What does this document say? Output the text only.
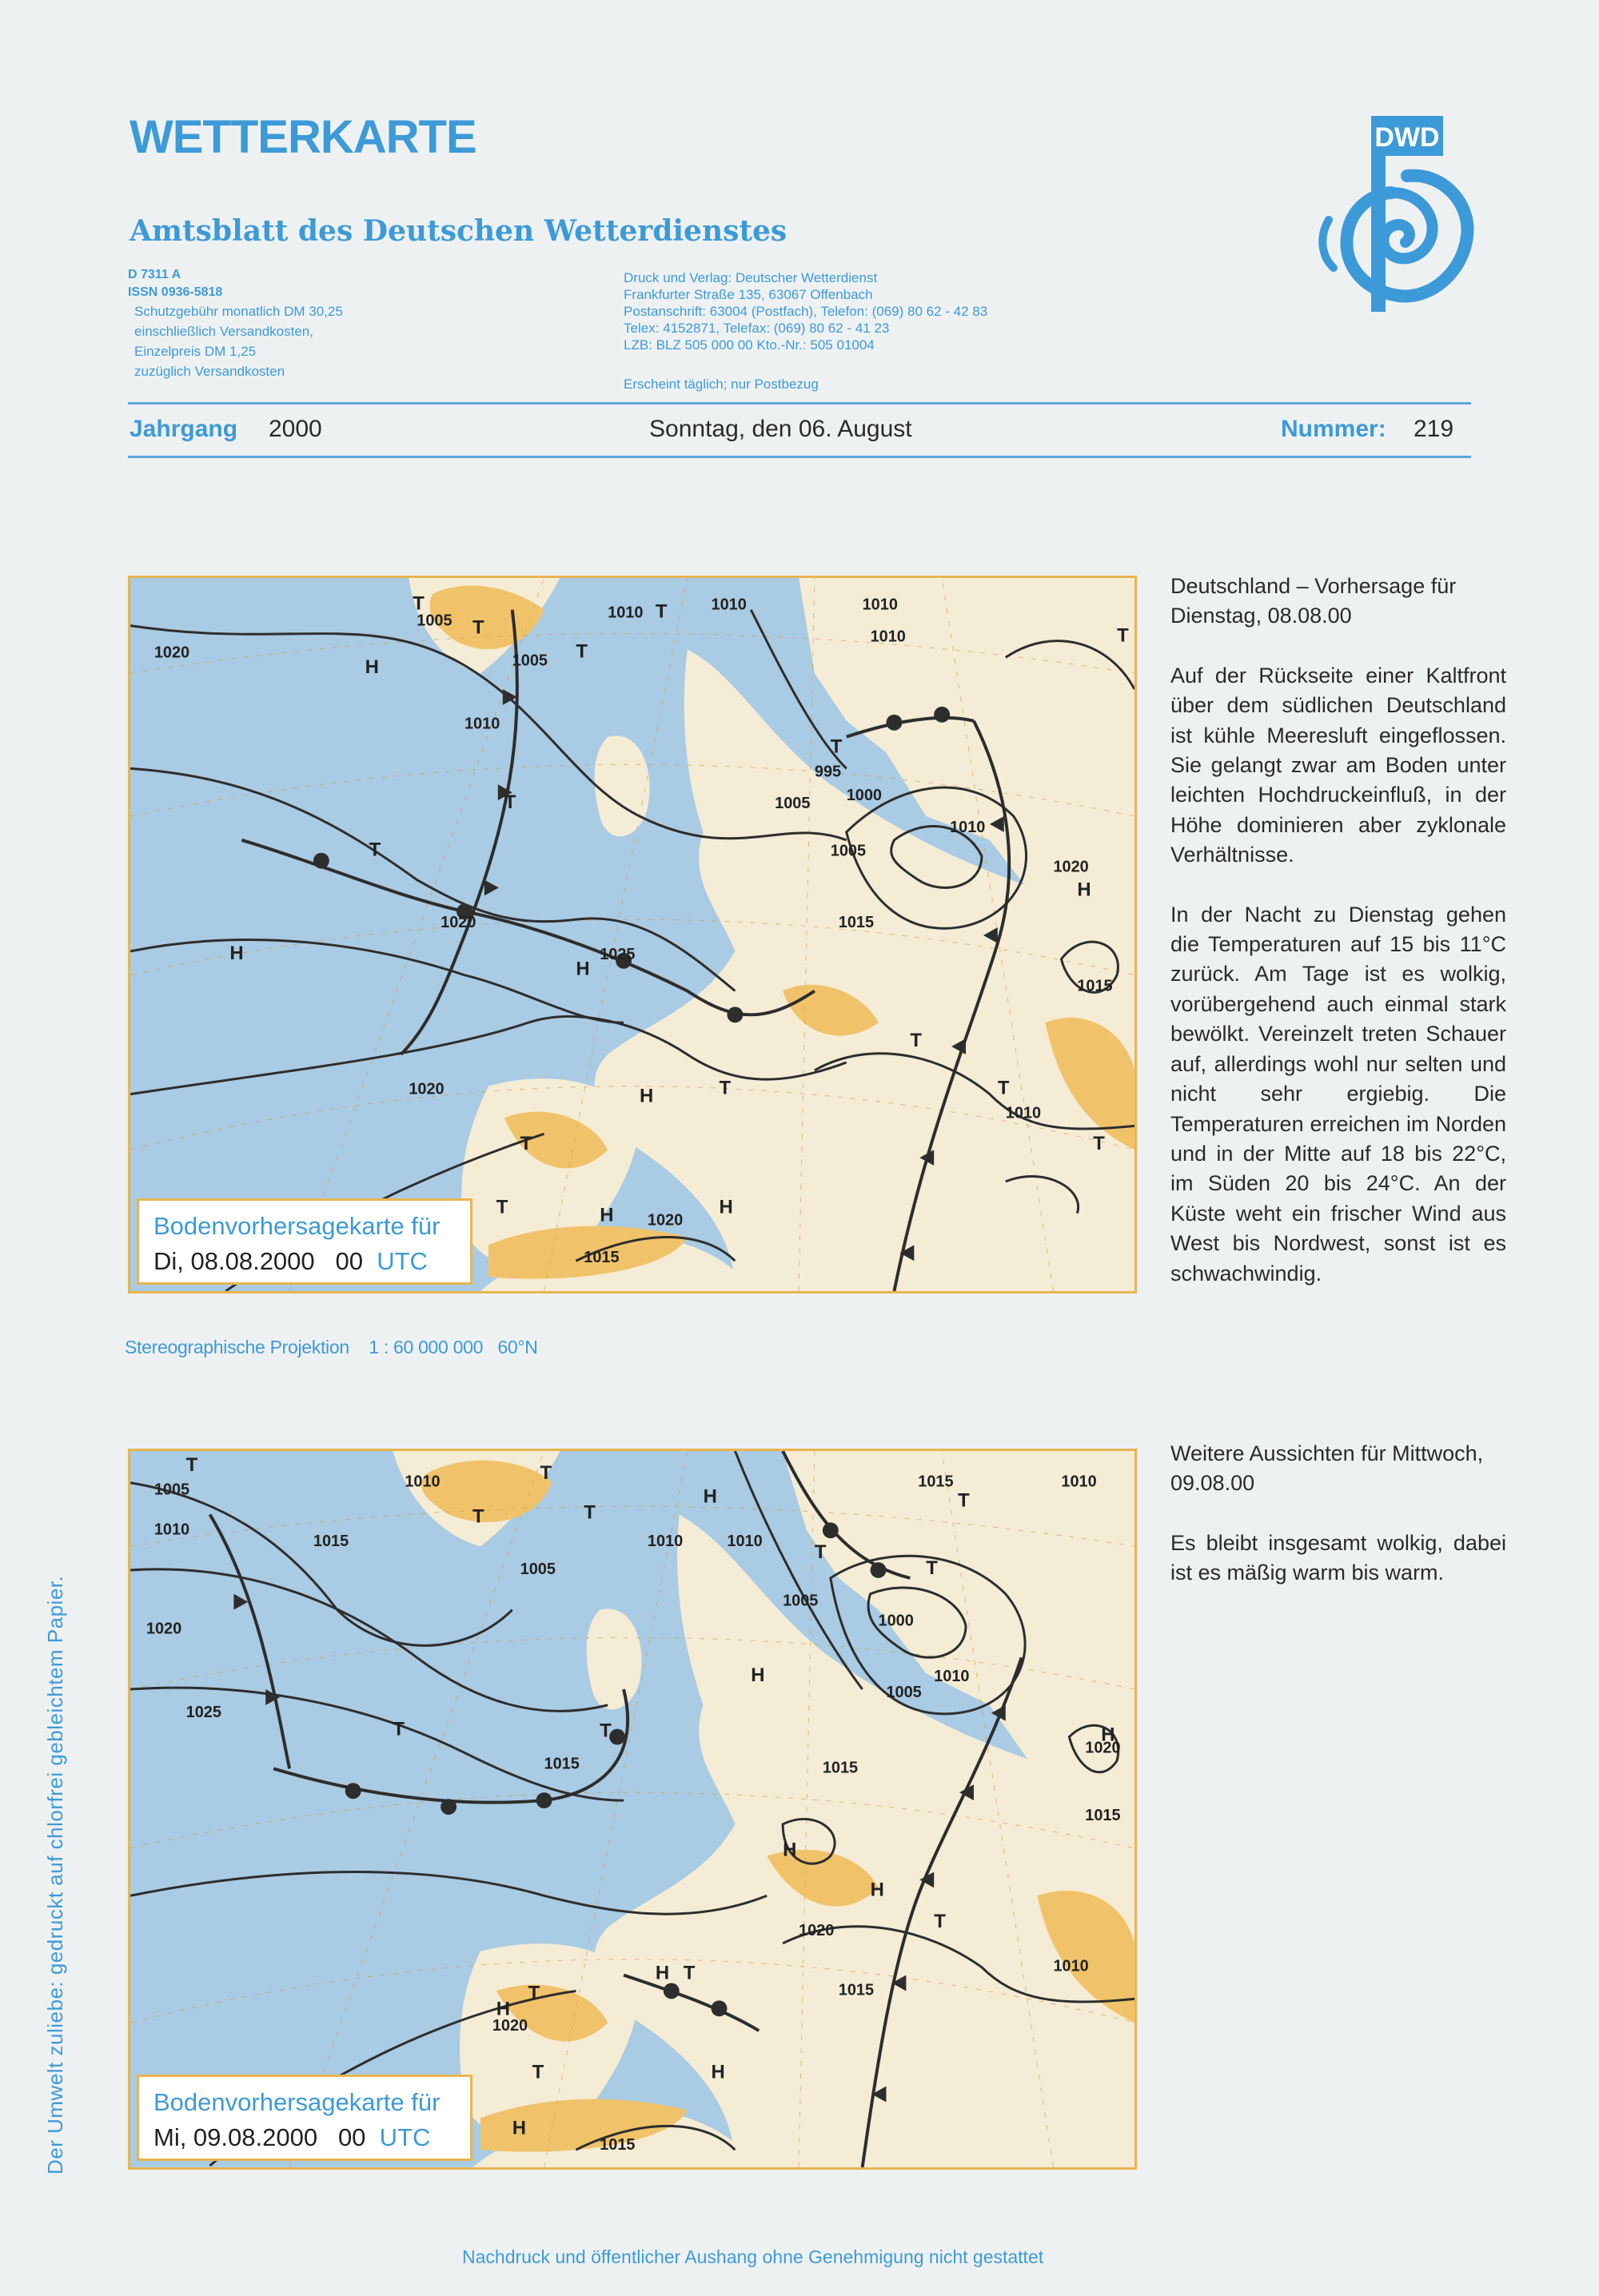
WETTERKARTE
Amtsblatt des Deutschen Wetterdienstes
DWD
D 7311 A
ISSN 0936-5818
Schutzgebühr monatlich DM 30,25
einschließlich Versandkosten,
Einzelpreis DM 1,25
zuzüglich Versandkosten
Druck und Verlag: Deutscher Wetterdienst
Frankfurter Straße 135, 63067 Offenbach
Postanschrift: 63004 (Postfach), Telefon: (069) 80 62 - 42 83
Telex: 4152871, Telefax: (069) 80 62 - 41 23
LZB: BLZ 505 000 00 Kto.-Nr.: 505 01004
Erscheint täglich; nur Postbezug
Jahrgang 2000	Sonntag, den 06. August	Nummer: 219
1005	1010	1010	1010
1010
1020	1005
1010
995
1000
1005
1005
1010
1020
1015
1020
1025
1015
1020
1010
1020
1015
T
T
T
H
T
T
T
T
H
H
H
T
T
H
H
T
T	H
T
T
T
Bodenvorhersagekarte für
Di, 08.08.2000 00 UTC
Stereographische Projektion 1 : 60 000 000 60°N
1005	1010
1010
1015	1010	1010
1005
1015	1010
1020
1025
1005
1000
1010
1005
1015	1015
1020
1015
1020
1015
1010
1020
1015
T	T
T
T
H
T
T
T
H
H
T
H
H
H
T
H
T
H
T
H
T
T
Bodenvorhersagekarte für
Mi, 09.08.2000 00 UTC

Deutschland – Vorhersage für Dienstag, 08.08.00

Auf der Rückseite einer Kaltfront über dem südlichen Deutschland ist kühle Meeresluft eingeflossen. Sie gelangt zwar am Boden unter leichten Hochdruckeinfluß, in der Höhe dominieren aber zyklonale Verhältnisse.

In der Nacht zu Dienstag gehen die Temperaturen auf 15 bis 11°C zurück. Am Tage ist es wolkig, vorübergehend auch einmal stark bewölkt. Vereinzelt treten Schauer auf, allerdings wohl nur selten und nicht sehr ergiebig. Die Temperaturen erreichen im Norden und in der Mitte auf 18 bis 22°C, im Süden 20 bis 24°C. An der Küste weht ein frischer Wind aus West bis Nordwest, sonst ist es schwachwindig.

Weitere Aussichten für Mittwoch, 09.08.00

Es bleibt insgesamt wolkig, dabei ist es mäßig warm bis warm.

Der Umwelt zuliebe: gedruckt auf chlorfrei gebleichtem Papier.
Nachdruck und öffentlicher Aushang ohne Genehmigung nicht gestattet
